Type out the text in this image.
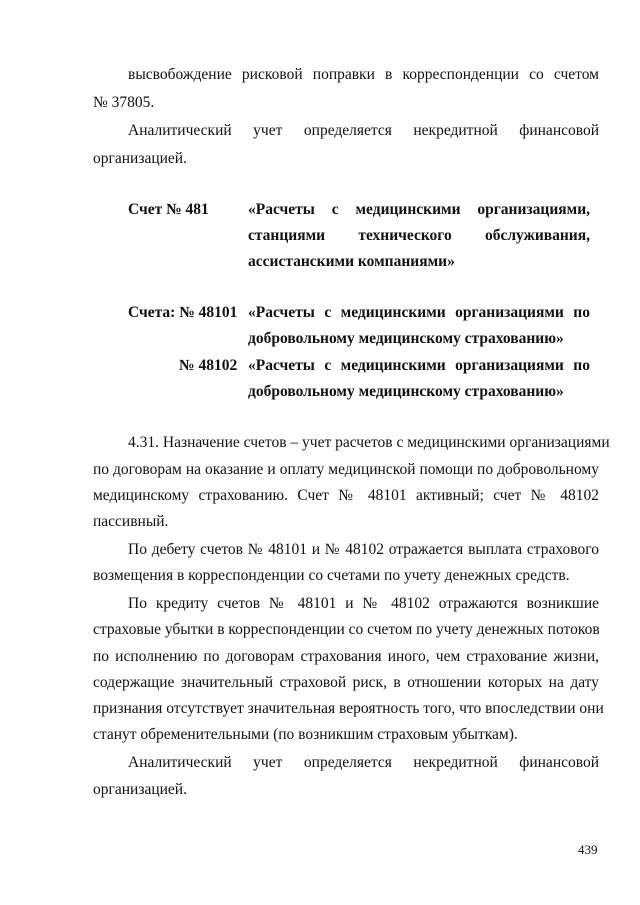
высвобождение рисковой поправки в корреспонденции со счетом
№ 37805.
Аналитический учет определяется некредитной финансовой
организацией.
Счет № 481	«Расчеты с медицинскими организациями,
станциями технического обслуживания,
ассистанскими компаниями»
Счета: № 48101 «Расчеты с медицинскими организациями по
добровольному медицинскому страхованию»
№ 48102 «Расчеты с медицинскими организациями по
добровольному медицинскому страхованию»
4.31. Назначение счетов – учет расчетов с медицинскими организациями
по договорам на оказание и оплату медицинской помощи по добровольному
медицинскому страхованию. Счет № 48101 активный; счет № 48102
пассивный.
По дебету счетов № 48101 и № 48102 отражается выплата страхового
возмещения в корреспонденции со счетами по учету денежных средств.
По кредиту счетов № 48101 и № 48102 отражаются возникшие
страховые убытки в корреспонденции со счетом по учету денежных потоков
по исполнению по договорам страхования иного, чем страхование жизни,
содержащие значительный страховой риск, в отношении которых на дату
признания отсутствует значительная вероятность того, что впоследствии они
станут обременительными (по возникшим страховым убыткам).
Аналитический учет определяется некредитной финансовой
организацией.
439
